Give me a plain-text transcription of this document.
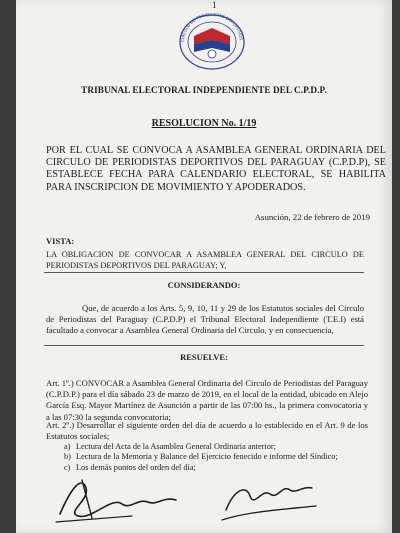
1
CIRCULO DE PERIODISTAS DEPORTIVOS
TRIBUNAL ELECTORAL INDEPENDIENTE DEL C.P.D.P.
RESOLUCION No. 1/19
POR EL CUAL SE CONVOCA A ASAMBLEA GENERAL ORDINARIA DEL CIRCULO DE PERIODISTAS DEPORTIVOS DEL PARAGUAY (C.P.D.P), SE ESTABLECE FECHA PARA CALENDARIO ELECTORAL, SE HABILITA PARA INSCRIPCION DE MOVIMIENTO Y APODERADOS.
Asunción, 22 de febrero de 2019
VISTA:
LA OBLIGACION DE CONVOCAR A ASAMBLEA GENERAL DEL CIRCULO DE PERIODISTAS DEPORTIVOS DEL PARAGUAY; Y,
CONSIDERANDO:
Que, de acuerdo a los Arts. 5, 9, 10, 11 y 29 de los Estatutos sociales del Circulo de Periodistas del Paraguay (C.P.D.P) el Tribunal Electoral Independiente (T.E.I) está facultado a convocar a Asamblea General Ordinaria del Circulo, y en consecuencia,
RESUELVE:
Art. 1º.) CONVOCAR a Asamblea General Ordinaria del Circulo de Periodistas del Paraguay (C.P.D.P.) para el día sábado 23 de marzo de 2019, en el local de la entidad, ubicado en Alejo García Esq. Mayor Martínez de Asunción a partir de las 07:00 hs., la primera convocatoria y a las 07:30 la segunda convocatoria;
Art. 2º.) Desarrollar el siguiente orden del día de acuerdo a lo establecido en el Art. 9 de los Estatutos sociales;
a) Lectura del Acta de la Asamblea General Ordinaria anterior;
b) Lectura de la Memoria y Balance del Ejercicio fenecido e informe del Síndico;
c) Los demás puntos del orden del día;
